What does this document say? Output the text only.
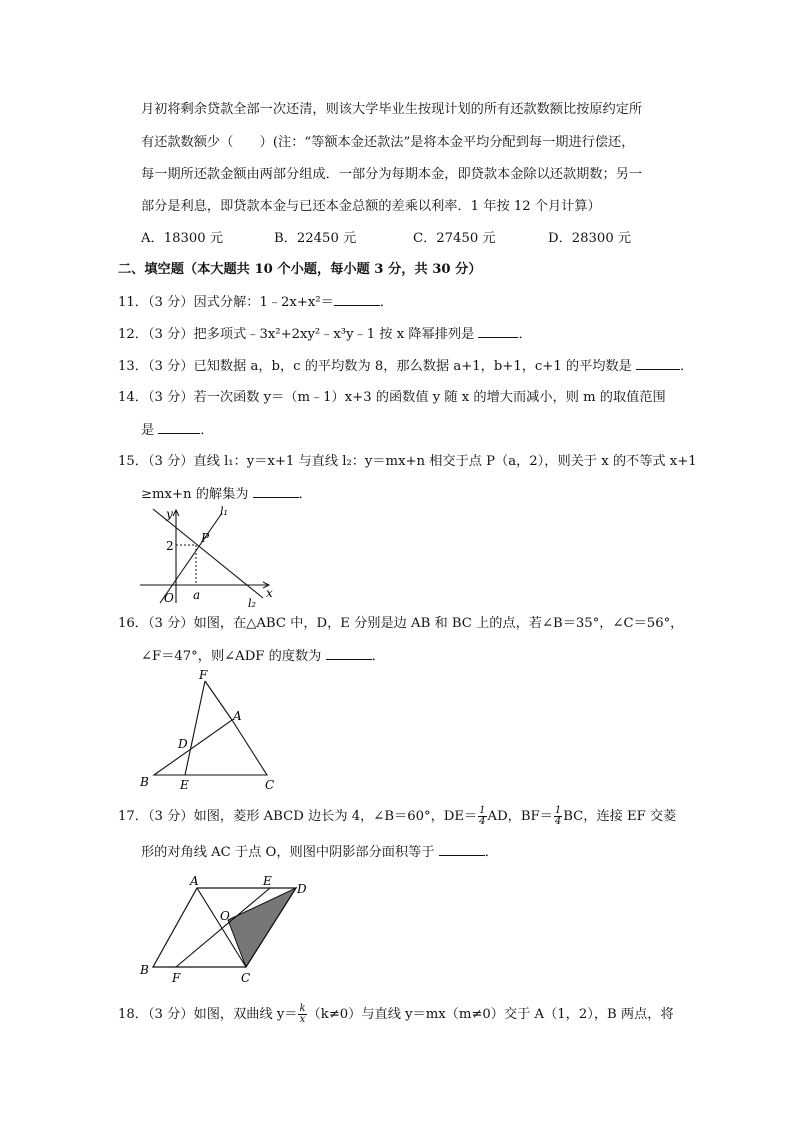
月初将剩余贷款全部一次还清，则该大学毕业生按现计划的所有还款数额比按原约定所
有还款数额少（　　）(注：“等额本金还款法”是将本金平均分配到每一期进行偿还，
每一期所还款金额由两部分组成．一部分为每期本金，即贷款本金除以还款期数；另一
部分是利息，即贷款本金与已还本金总额的差乘以利率．1 年按 12 个月计算）
A．18300 元	B．22450 元	C．27450 元	D．28300 元
二、填空题（本大题共 10 个小题，每小题 3 分，共 30 分）
11．（3 分）因式分解：1﹣2x+x²＝	．
12．（3 分）把多项式﹣3x²+2xy²﹣x³y﹣1 按 x 降幂排列是	．
13．（3 分）已知数据 a，b，c 的平均数为 8，那么数据 a+1，b+1，c+1 的平均数是	．
14．（3 分）若一次函数 y＝（m﹣1）x+3 的函数值 y 随 x 的增大而减小，则 m 的取值范围
是	．
15．（3 分）直线 l₁：y＝x+1 与直线 l₂：y＝mx+n 相交于点 P（a，2），则关于 x 的不等式 x+1
≥mx+n 的解集为	．
y
x
O
2
a
P
l₁
l₂
16．（3 分）如图，在△ABC 中，D，E 分别是边 AB 和 BC 上的点，若∠B＝35°，∠C＝56°，
∠F＝47°，则∠ADF 的度数为	．
F
A
D
B	E	C
17．（3 分）如图，菱形 ABCD 边长为 4，∠B＝60°，$DE= \frac{1}{4}$ AD，$BF= \frac{1}{4}$ BC，连接 EF 交菱
形的对角线 AC 于点 O，则图中阴影部分面积等于	．
A	E
D
O
B
F	C
18．（3 分）如图，双曲线 $y= \frac{k}{x} (k\ne 0)$与直线 y＝mx（m≠0）交于 A（1，2），B 两点，将
